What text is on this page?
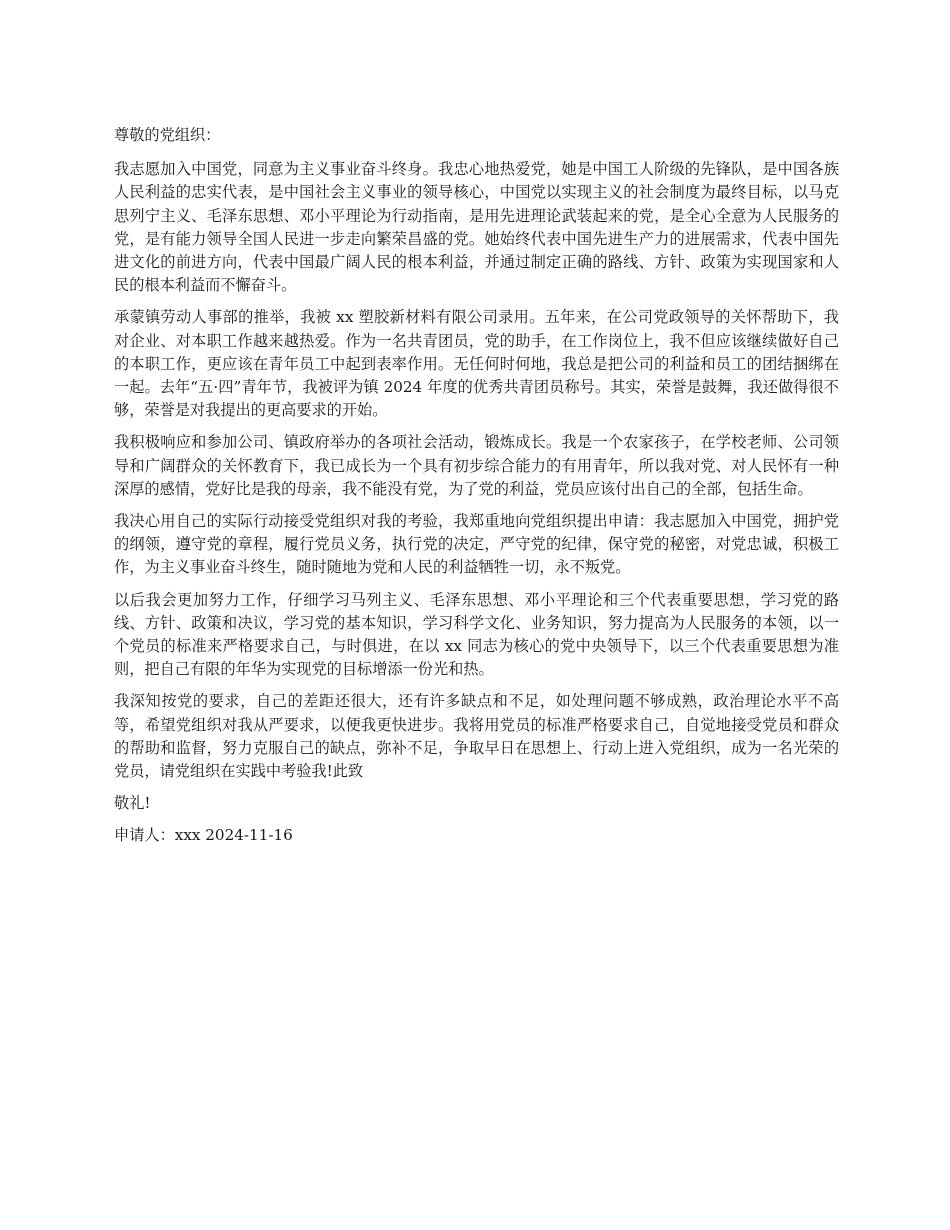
尊敬的党组织：

我志愿加入中国党，同意为主义事业奋斗终身。我忠心地热爱党，她是中国工人阶级的先锋队，是中国各族人民利益的忠实代表，是中国社会主义事业的领导核心，中国党以实现主义的社会制度为最终目标，以马克思列宁主义、毛泽东思想、邓小平理论为行动指南，是用先进理论武装起来的党，是全心全意为人民服务的党，是有能力领导全国人民进一步走向繁荣昌盛的党。她始终代表中国先进生产力的进展需求，代表中国先进文化的前进方向，代表中国最广阔人民的根本利益，并通过制定正确的路线、方针、政策为实现国家和人民的根本利益而不懈奋斗。

承蒙镇劳动人事部的推举，我被 xx 塑胶新材料有限公司录用。五年来，在公司党政领导的关怀帮助下，我对企业、对本职工作越来越热爱。作为一名共青团员，党的助手，在工作岗位上，我不但应该继续做好自己的本职工作，更应该在青年员工中起到表率作用。无任何时何地，我总是把公司的利益和员工的团结捆绑在一起。去年“五·四”青年节，我被评为镇 2024 年度的优秀共青团员称号。其实，荣誉是鼓舞，我还做得很不够，荣誉是对我提出的更高要求的开始。

我积极响应和参加公司、镇政府举办的各项社会活动，锻炼成长。我是一个农家孩子，在学校老师、公司领导和广阔群众的关怀教育下，我已成长为一个具有初步综合能力的有用青年，所以我对党、对人民怀有一种深厚的感情，党好比是我的母亲，我不能没有党，为了党的利益，党员应该付出自己的全部，包括生命。

我决心用自己的实际行动接受党组织对我的考验，我郑重地向党组织提出申请：我志愿加入中国党，拥护党的纲领，遵守党的章程，履行党员义务，执行党的决定，严守党的纪律，保守党的秘密，对党忠诚，积极工作，为主义事业奋斗终生，随时随地为党和人民的利益牺牲一切，永不叛党。

以后我会更加努力工作，仔细学习马列主义、毛泽东思想、邓小平理论和三个代表重要思想，学习党的路线、方针、政策和决议，学习党的基本知识，学习科学文化、业务知识，努力提高为人民服务的本领，以一个党员的标准来严格要求自己，与时俱进，在以 xx 同志为核心的党中央领导下，以三个代表重要思想为准则，把自己有限的年华为实现党的目标增添一份光和热。

我深知按党的要求，自己的差距还很大，还有许多缺点和不足，如处理问题不够成熟，政治理论水平不高等，希望党组织对我从严要求，以便我更快进步。我将用党员的标准严格要求自己，自觉地接受党员和群众的帮助和监督，努力克服自己的缺点，弥补不足，争取早日在思想上、行动上进入党组织，成为一名光荣的党员，请党组织在实践中考验我!此致

敬礼!

申请人：xxx 2024-11-16
